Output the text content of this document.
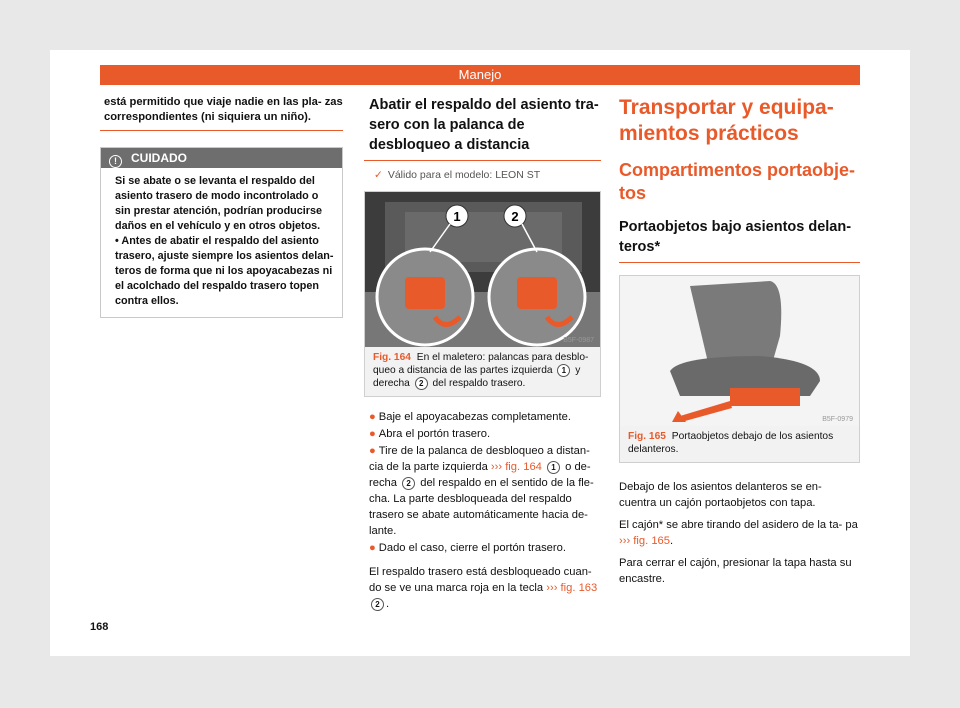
Manejo

está permitido que viaje nadie en las pla- zas correspondientes (ni siquiera un niño).

! CUIDADO

Si se abate o se levanta el respaldo del asiento trasero de modo incontrolado o sin prestar atención, podrían producirse daños en el vehículo y en otros objetos.

• Antes de abatir el respaldo del asiento trasero, ajuste siempre los asientos delan- teros de forma que ni los apoyacabezas ni el acolchado del respaldo trasero topen contra ellos.

Abatir el respaldo del asiento tra- sero con la palanca de desbloqueo a distancia

✓ Válido para el modelo: LEON ST
1	2
B5F-0987
Fig. 164 En el maletero: palancas para desblo- queo a distancia de las partes izquierda 1 y derecha 2 del respaldo trasero.

● Baje el apoyacabezas completamente.

● Abra el portón trasero.

● Tire de la palanca de desbloqueo a distan- cia de la parte izquierda ››› fig. 164 1 o de- recha 2 del respaldo en el sentido de la fle- cha. La parte desbloqueada del respaldo trasero se abate automáticamente hacia de- lante.

● Dado el caso, cierre el portón trasero.

El respaldo trasero está desbloqueado cuan- do se ve una marca roja en la tecla ››› fig. 163 2 .

Transportar y equipa- mientos prácticos

Compartimentos portaobje- tos

Portaobjetos bajo asientos delan- teros*

B5F-0979
Fig. 165 Portaobjetos debajo de los asientos delanteros.

Debajo de los asientos delanteros se en- cuentra un cajón portaobjetos con tapa.

El cajón* se abre tirando del asidero de la ta- pa ››› fig. 165.

Para cerrar el cajón, presionar la tapa hasta su encastre.

168
